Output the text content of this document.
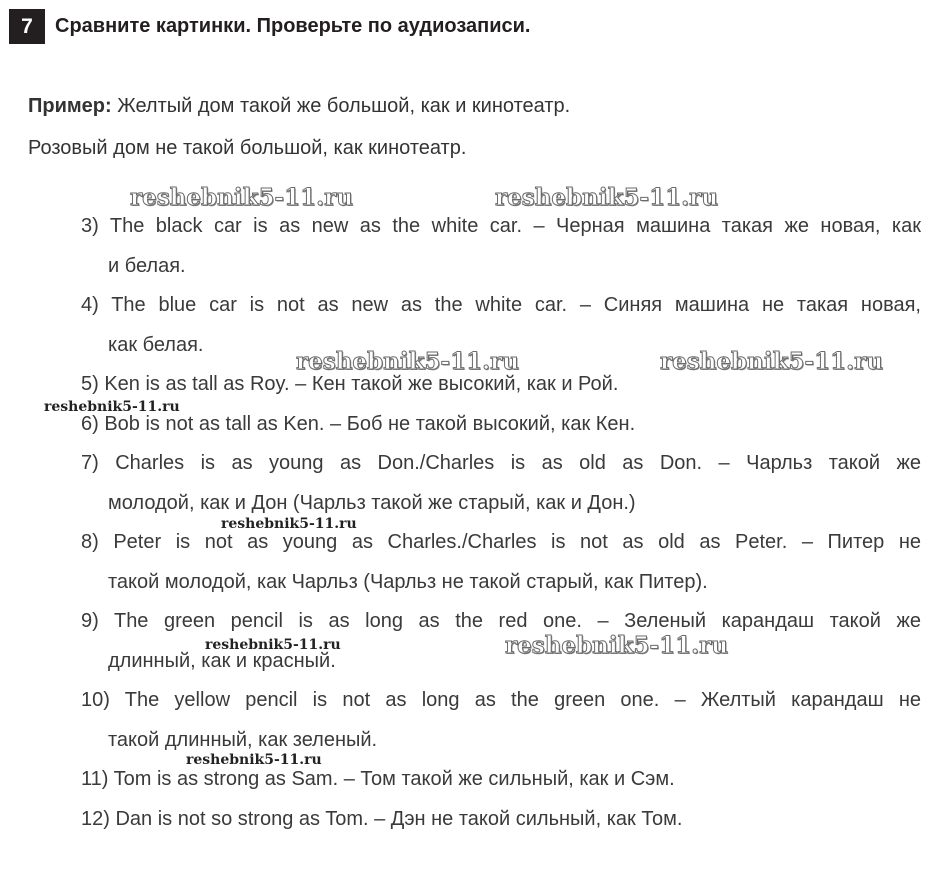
7	Сравните картинки. Проверьте по аудиозаписи.
Пример: Желтый дом такой же большой, как и кинотеатр.
Розовый дом не такой большой, как кинотеатр.
3) The black car is as new as the white car. – Черная машина такая же новая, как
и белая.
4) The blue car is not as new as the white car. – Синяя машина не такая новая,
как белая.
5) Ken is as tall as Roy. – Кен такой же высокий, как и Рой.
6) Bob is not as tall as Ken. – Боб не такой высокий, как Кен.
7) Charles is as young as Don./Charles is as old as Don. – Чарльз такой же
молодой, как и Дон (Чарльз такой же старый, как и Дон.)
8) Peter is not as young as Charles./Charles is not as old as Peter. – Питер не
такой молодой, как Чарльз (Чарльз не такой старый, как Питер).
9) The green pencil is as long as the red one. – Зеленый карандаш такой же
длинный, как и красный.
10) The yellow pencil is not as long as the green one. – Желтый карандаш не
такой длинный, как зеленый.
11) Tom is as strong as Sam. – Том такой же сильный, как и Сэм.
12) Dan is not so strong as Tom. – Дэн не такой сильный, как Том.
reshebnik5-11.ru	reshebnik5-11.ru
reshebnik5-11.ru	reshebnik5-11.ru
reshebnik5-11.ru
reshebnik5-11.ru
reshebnik5-11.ru	reshebnik5-11.ru
reshebnik5-11.ru
